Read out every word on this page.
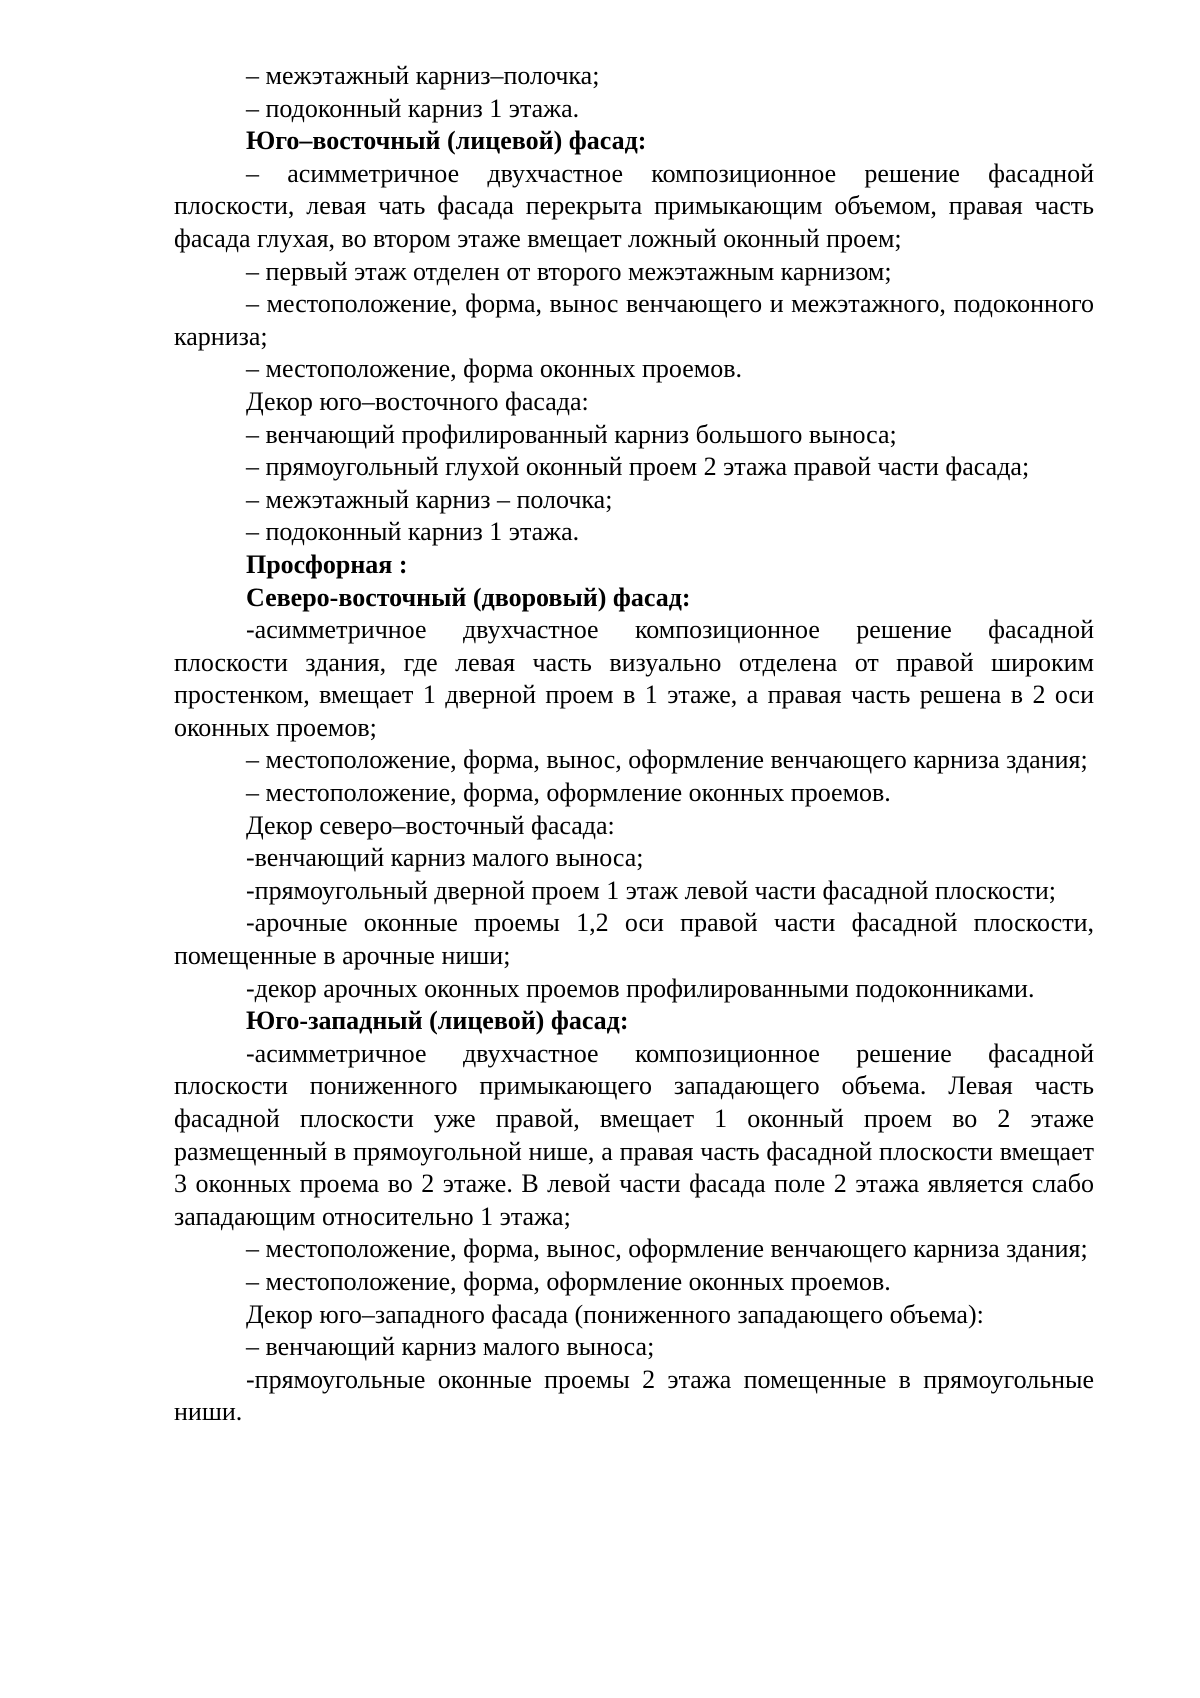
– межэтажный карниз–полочка;

– подоконный карниз 1 этажа.

Юго–восточный (лицевой) фасад:

– асимметричное двухчастное композиционное решение фасадной плоскости, левая чать фасада перекрыта примыкающим объемом, правая часть фасада глухая, во втором этаже вмещает ложный оконный проем;

– первый этаж отделен от второго межэтажным карнизом;

– местоположение, форма, вынос венчающего и межэтажного, подоконного карниза;

– местоположение, форма оконных проемов.

Декор юго–восточного фасада:

– венчающий профилированный карниз большого выноса;

– прямоугольный глухой оконный проем 2 этажа правой части фасада;

– межэтажный карниз – полочка;

– подоконный карниз 1 этажа.

Просфорная :

Северо-восточный (дворовый) фасад:

-асимметричное двухчастное композиционное решение фасадной плоскости здания, где левая часть визуально отделена от правой широким простенком, вмещает 1 дверной проем в 1 этаже, а правая часть решена в 2 оси оконных проемов;

– местоположение, форма, вынос, оформление венчающего карниза здания;

– местоположение, форма, оформление оконных проемов.

Декор северо–восточный фасада:

-венчающий карниз малого выноса;

-прямоугольный дверной проем 1 этаж левой части фасадной плоскости;

-арочные оконные проемы 1,2 оси правой части фасадной плоскости, помещенные в арочные ниши;

-декор арочных оконных проемов профилированными подоконниками.

Юго-западный (лицевой) фасад:

-асимметричное двухчастное композиционное решение фасадной плоскости пониженного примыкающего западающего объема. Левая часть фасадной плоскости уже правой, вмещает 1 оконный проем во 2 этаже размещенный в прямоугольной нише, а правая часть фасадной плоскости вмещает 3 оконных проема во 2 этаже. В левой части фасада поле 2 этажа является слабо западающим относительно 1 этажа;

– местоположение, форма, вынос, оформление венчающего карниза здания;

– местоположение, форма, оформление оконных проемов.

Декор юго–западного фасада (пониженного западающего объема):

– венчающий карниз малого выноса;

-прямоугольные оконные проемы 2 этажа помещенные в прямоугольные ниши.
